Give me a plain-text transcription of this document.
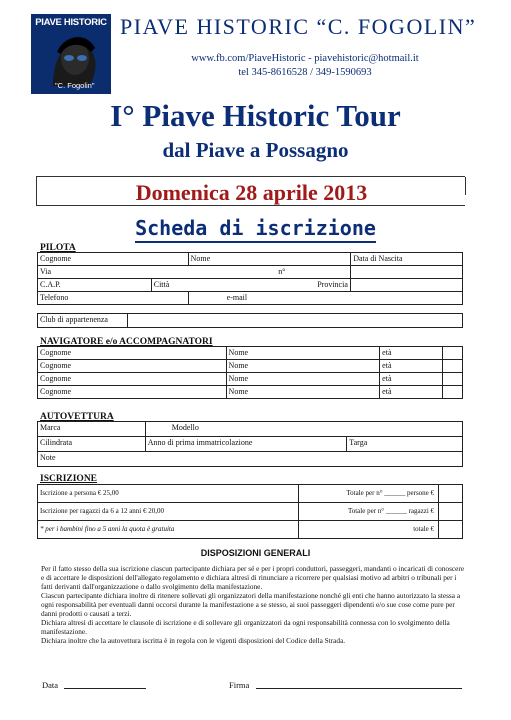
PIAVE HISTORIC
"C. Fogolin"
PIAVE HISTORIC “C. FOGOLIN”
www.fb.com/PiaveHistoric - piavehistoric@hotmail.it
tel 345-8616528 / 349-1590693
I° Piave Historic Tour
dal Piave a Possagno
Domenica 28 aprile 2013
Scheda di iscrizione
PILOTA
Cognome		Nome	Data di Nascita
Via n°			

C.A.P.	Città		Provincia
Telefono		e-mail	
Club di appartenenza	
NAVIGATORE e/o ACCOMPAGNATORI
Cognome	Nome	età	
Cognome	Nome	età	
Cognome	Nome	età	
Cognome	Nome	età	
AUTOVETTURA
Marca	Modello	
Cilindrata	Anno di prima immatricolazione	Targa
Note		
ISCRIZIONE
Iscrizione a persona € 25,00	Totale per n° ______ persone €	
Iscrizione per ragazzi da 6 a 12 anni € 20,00	Totale per n° ______ ragazzi €	
* per i bambini fino a 5 anni la quota è gratuita	totale €	
DISPOSIZIONI GENERALI

Per il fatto stesso della sua iscrizione ciascun partecipante dichiara per sé e per i propri conduttori, passeggeri, mandanti o incaricati di conoscere e di accettare le disposizioni dell'allegato regolamento e dichiara altresì di rinunciare a ricorrere per qualsiasi motivo ad arbitri o tribunali per i fatti derivanti dall'organizzazione o dallo svolgimento della manifestazione.

Ciascun partecipante dichiara inoltre di ritenere sollevati gli organizzatori della manifestazione nonché gli enti che hanno autorizzato la stessa a ogni responsabilità per eventuali danni occorsi durante la manifestazione a se stesso, ai suoi passeggeri dipendenti e/o sue cose come pure per danni prodotti o causati a terzi.

Dichiara altresì di accettare le clausole di iscrizione e di sollevare gli organizzatori da ogni responsabilità connessa con lo svolgimento della manifestazione.

Dichiara inoltre che la autovettura iscritta è in regola con le vigenti disposizioni del Codice della Strada.

Data	Firma
